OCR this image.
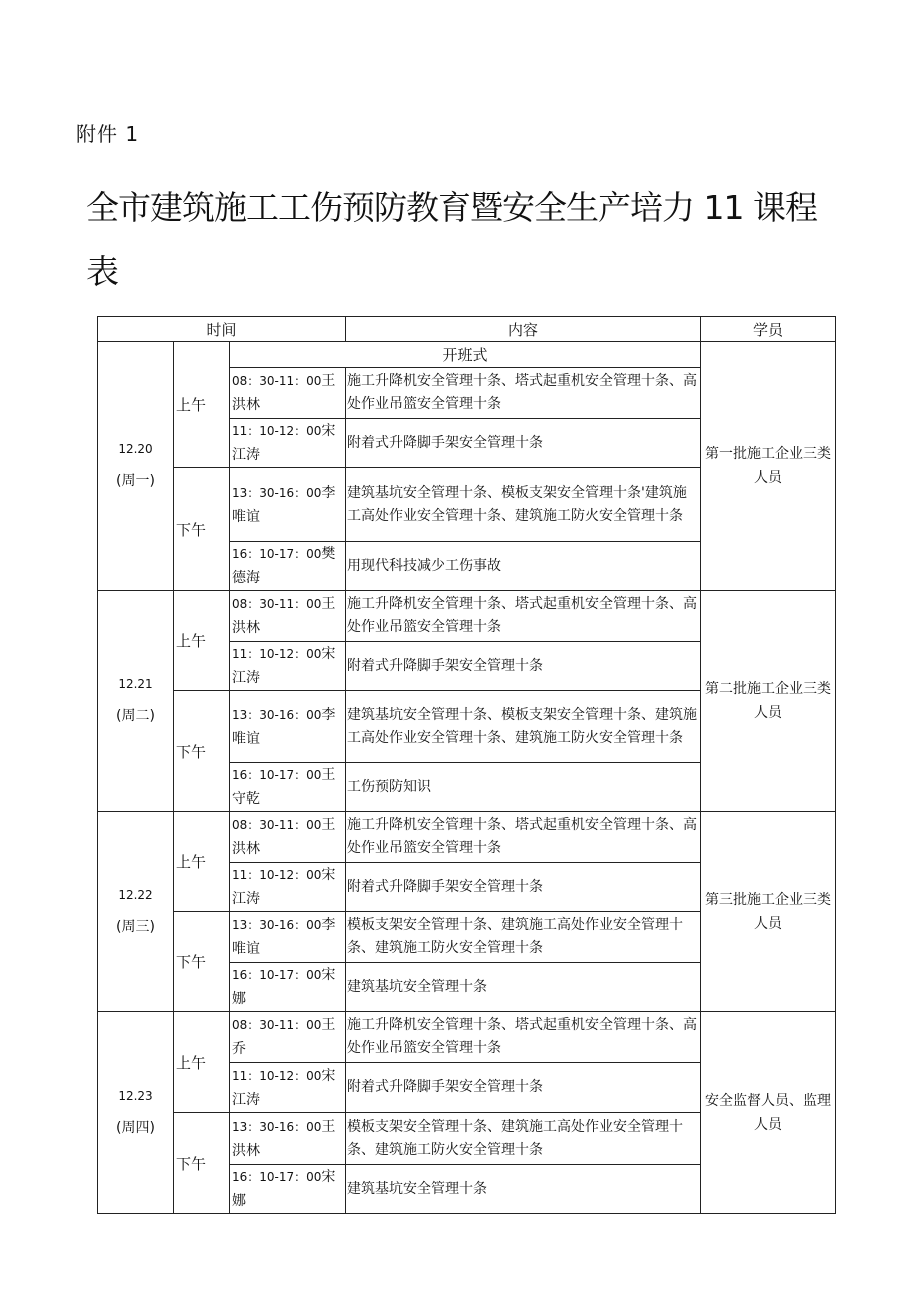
附件 1
全市建筑施工工伤预防教育暨安全生产培力 11 课程表
时间			内容	学员
12.20
(周一)	上午	开班式		第一批施工企业三类人员
		08：30-11：00王洪林	施工升降机安全管理十条、塔式起重机安全管理十条、高处作业吊篮安全管理十条	
		11：10-12：00宋江涛	附着式升降脚手架安全管理十条	
	下午	13：30-16：00李唯谊	建筑基坑安全管理十条、模板支架安全管理十条'建筑施工高处作业安全管理十条、建筑施工防火安全管理十条	
		16：10-17：00樊德海	用现代科技减少工伤事故	
12.21
(周二)	上午	08：30-11：00王洪林	施工升降机安全管理十条、塔式起重机安全管理十条、高处作业吊篮安全管理十条	第二批施工企业三类人员
		11：10-12：00宋江涛	附着式升降脚手架安全管理十条	
	下午	13：30-16：00李唯谊	建筑基坑安全管理十条、模板支架安全管理十条、建筑施工高处作业安全管理十条、建筑施工防火安全管理十条	
		16：10-17：00王守乾	工伤预防知识	
12.22
(周三)	上午	08：30-11：00王洪林	施工升降机安全管理十条、塔式起重机安全管理十条、高处作业吊篮安全管理十条	第三批施工企业三类人员
		11：10-12：00宋江涛	附着式升降脚手架安全管理十条	
	下午	13：30-16：00李唯谊	模板支架安全管理十条、建筑施工高处作业安全管理十条、建筑施工防火安全管理十条	
		16：10-17：00宋娜	建筑基坑安全管理十条	
12.23
(周四)	上午	08：30-11：00王乔	施工升降机安全管理十条、塔式起重机安全管理十条、高处作业吊篮安全管理十条	安全监督人员、监理人员
		11：10-12：00宋江涛	附着式升降脚手架安全管理十条	
	下午	13：30-16：00王洪林	模板支架安全管理十条、建筑施工高处作业安全管理十条、建筑施工防火安全管理十条	
		16：10-17：00宋娜	建筑基坑安全管理十条	
